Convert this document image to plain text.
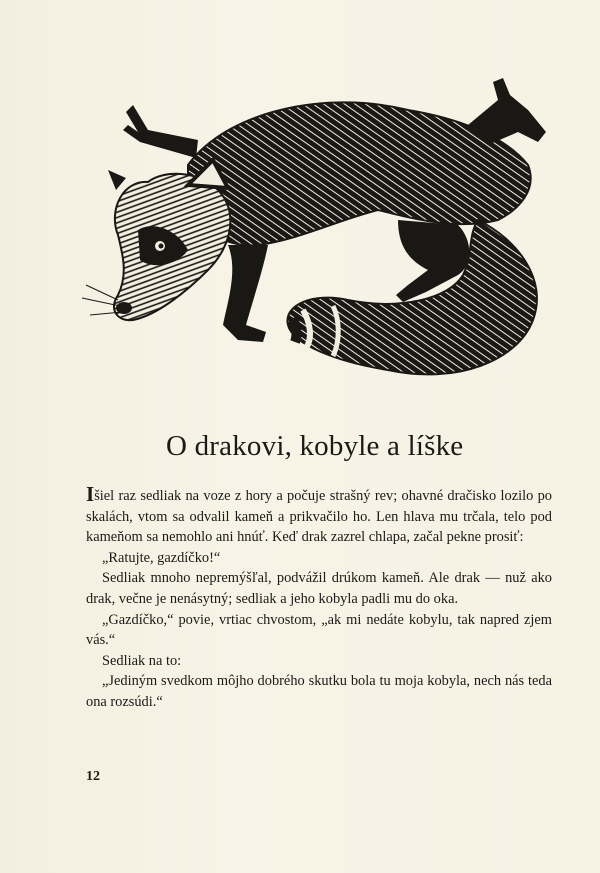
O drakovi, kobyle a líške

Išiel raz sedliak na voze z hory a počuje strašný rev; ohavné dračisko lozilo po skalách, vtom sa odvalil kameň a prikvačilo ho. Len hlava mu trčala, telo pod kameňom sa nemohlo ani hnúť. Keď drak zazrel chlapa, začal pekne prosiť:

„Ratujte, gazdíčko!“

Sedliak mnoho nepremýšľal, podvážil drúkom kameň. Ale drak — nuž ako drak, večne je nenásytný; sedliak a jeho kobyla padli mu do oka.

„Gazdíčko,“ povie, vrtiac chvostom, „ak mi nedáte kobylu, tak napred zjem vás.“

Sedliak na to:

„Jediným svedkom môjho dobrého skutku bola tu moja kobyla, nech nás teda ona rozsúdi.“

12
